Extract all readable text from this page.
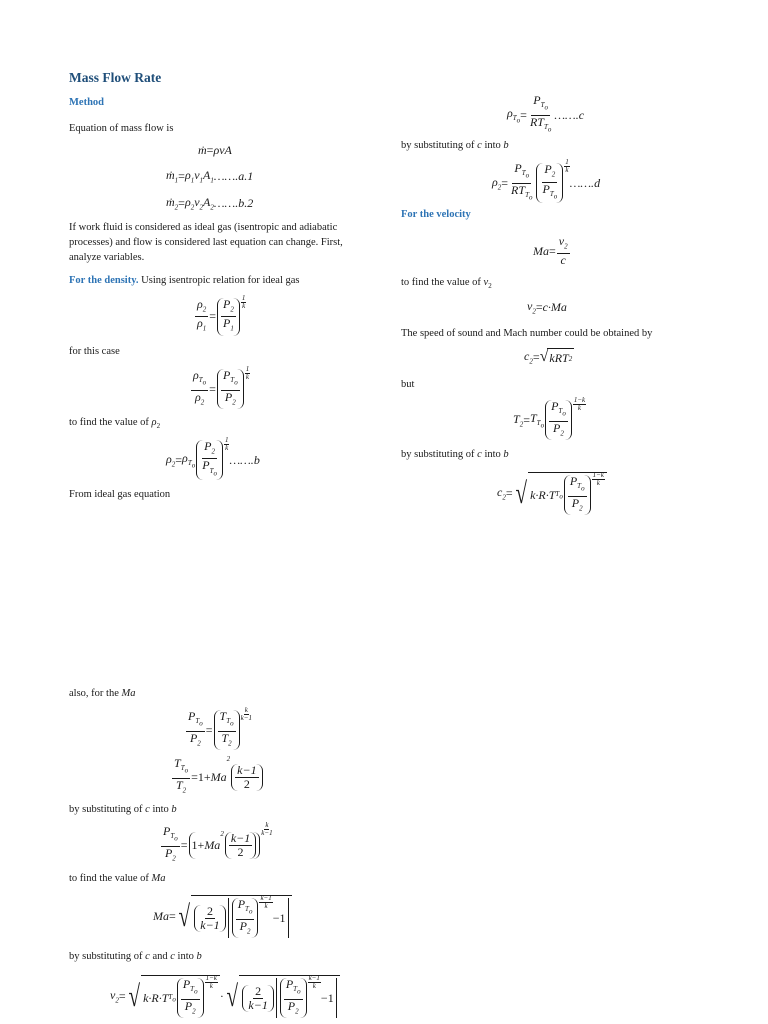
Mass Flow Rate
Method
Equation of mass flow is
ṁ = ρvA
ṁ$_1$ = $\rho_1v_1A_1$ ……. a.1
ṁ$_2$ = $\rho_2v_2A_2$ ……. b.2
If work fluid is considered as ideal gas (isentropic and adiabatic processes) and flow is considered last equation can change. First, analyze variables.
For the density. Using isentropic relation for ideal gas
$\frac{\rho_2}{\rho_1}$ =
$P_2$
$P_1$
1
k
for this case
$\rho_{T_o}$
$\rho_2$
=
$P_{T_o}$
$P_2$
1
k
to find the value of $\rho_2$
$\rho_2 = \rho_{T_o}$
$P_2$
$P_{T_o}$
1
k
……. b
From ideal gas equation
$\rho_{T_o}$ =
$P_{T_o}$
$RT_{T_o}$
……. c
by substituting of c into b
$\rho_2$ =
$P_{T_o}$
$RT_{T_o}$
$P_2$
$P_{T_o}$
1
k
……. d
For the velocity
$Ma = \frac{v_2}{c}$
to find the value of $v_2$
$v_2 = c\cdot Ma$
The speed of sound and Mach number could be obtained by
$c_2$ = √ kRT 2
but
$T_2 = T_{T_o}$
$P_{T_o}$
$P_2$
1−k
k
by substituting of c into b
$c_2$ = √ k·R·T $T_o$
$P_{T_o}$
$P_2$
1−k
k
also, for the Ma
$P_{T_o}$
$P_2$
=
$T_{T_o}$
$T_2$
k
k−1
$T_{T_o}$
$T_2$
=1+ Ma
2
k−1
2
by substituting of c into b
$P_{T_o}$
$P_2$
= 1+ Ma
2 k−1
2
k
k−1
to find the value of Ma
Ma = √ 2
k−1
$P_{T_o}$
$P_2$
k−1
k
−1
by substituting of c and c into b
$v_2$ = √ k·R·T $T_o$
$P_{T_o}$
$P_2$
1−k
k
· √ 2
k−1
$P_{T_o}$
$P_2$
k−1
k
−1
